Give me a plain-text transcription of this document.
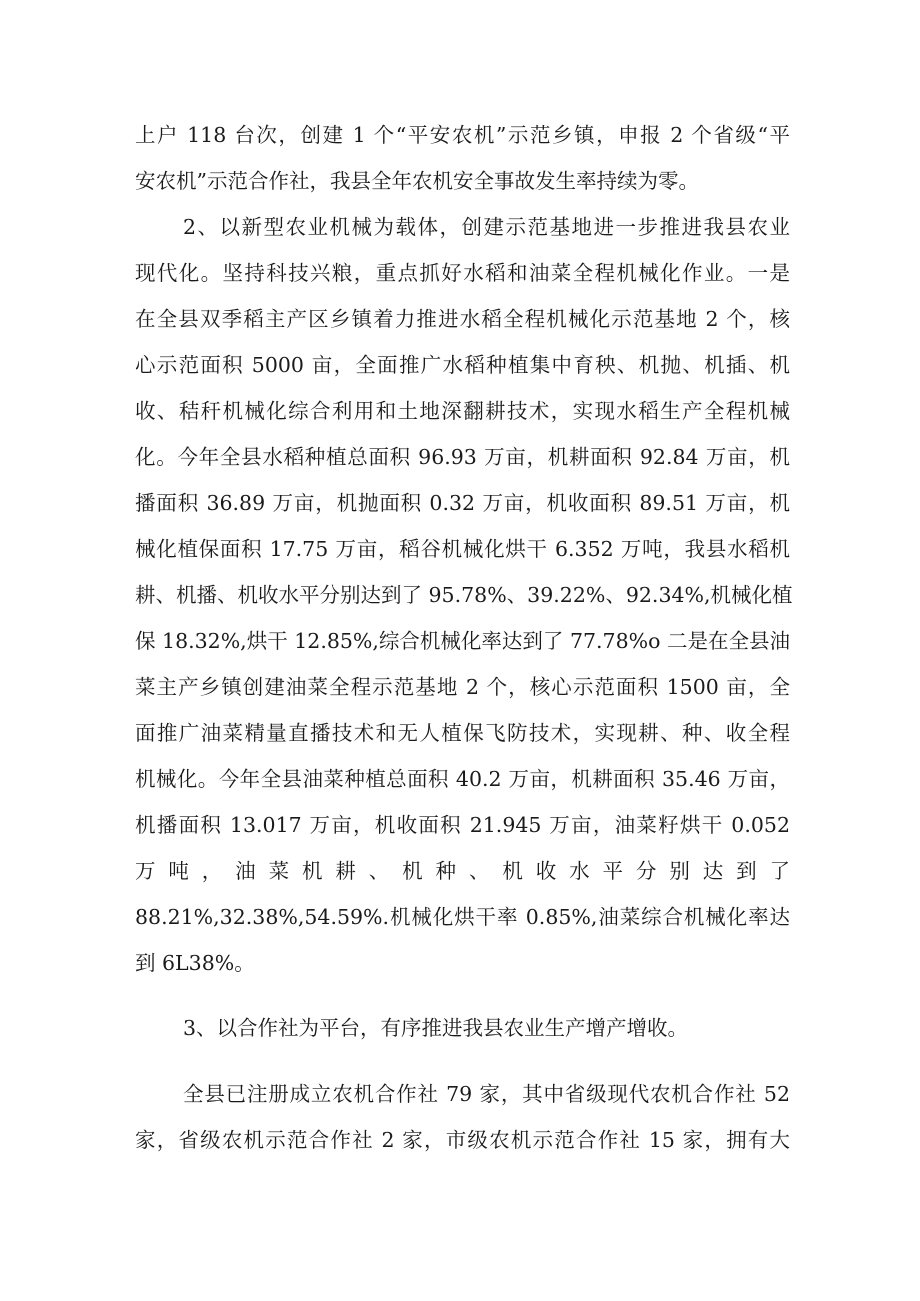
上户 118 台次，创建 1 个“平安农机”示范乡镇，申报 2 个省级“平
安农机”示范合作社，我县全年农机安全事故发生率持续为零。
2、以新型农业机械为载体，创建示范基地进一步推进我县农业
现代化。坚持科技兴粮，重点抓好水稻和油菜全程机械化作业。一是
在全县双季稻主产区乡镇着力推进水稻全程机械化示范基地 2 个，核
心示范面积 5000 亩，全面推广水稻种植集中育秧、机抛、机插、机
收、秸秆机械化综合利用和土地深翻耕技术，实现水稻生产全程机械
化。今年全县水稻种植总面积 96.93 万亩，机耕面积 92.84 万亩，机
播面积 36.89 万亩，机抛面积 0.32 万亩，机收面积 89.51 万亩，机
械化植保面积 17.75 万亩，稻谷机械化烘干 6.352 万吨，我县水稻机
耕、机播、机收水平分别达到了 95.78%、39.22%、92.34%,机械化植
保 18.32%,烘干 12.85%,综合机械化率达到了 77.78%o 二是在全县油
菜主产乡镇创建油菜全程示范基地 2 个，核心示范面积 1500 亩，全
面推广油菜精量直播技术和无人植保飞防技术，实现耕、种、收全程
机械化。今年全县油菜种植总面积 40.2 万亩，机耕面积 35.46 万亩，
机播面积 13.017 万亩，机收面积 21.945 万亩，油菜籽烘干 0.052
万吨，油菜机耕、机种、机收水平分别达到了
88.21%,32.38%,54.59%.机械化烘干率 0.85%,油菜综合机械化率达
到 6L38%。
3、以合作社为平台，有序推进我县农业生产增产增收。
全县已注册成立农机合作社 79 家，其中省级现代农机合作社 52
家，省级农机示范合作社 2 家，市级农机示范合作社 15 家，拥有大
